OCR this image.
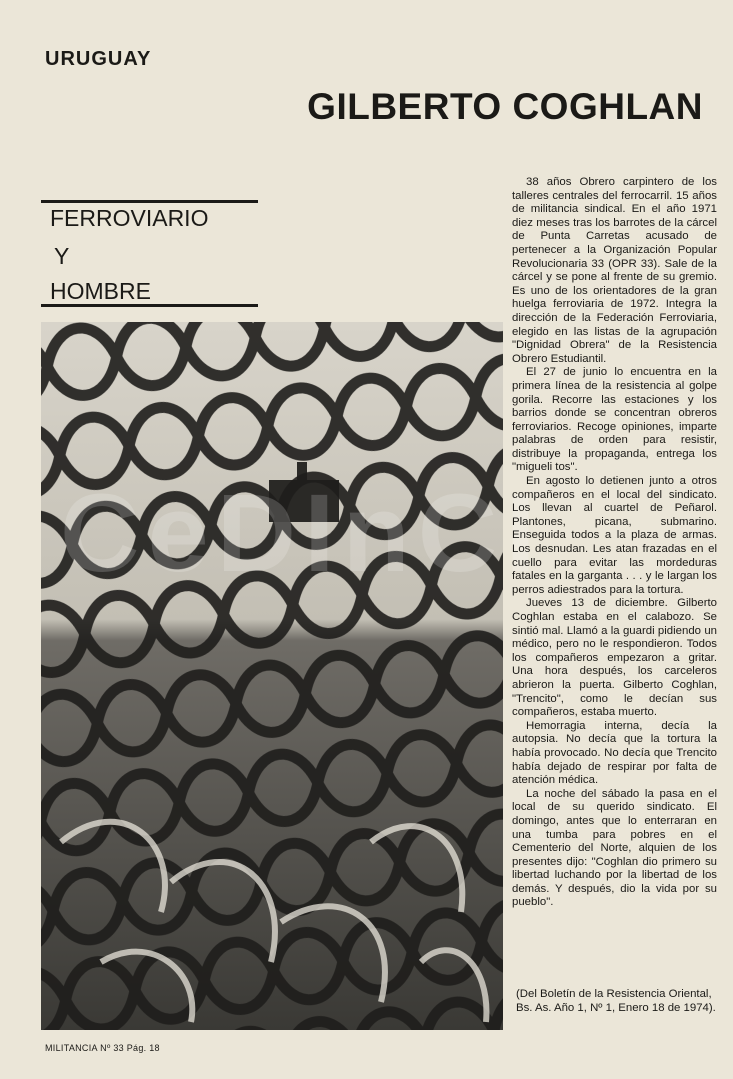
URUGUAY
GILBERTO COGHLAN
FERROVIARIO
Y
HOMBRE

38 años Obrero carpintero de los talleres centrales del ferrocarril. 15 años de militancia sindical. En el año 1971 diez meses tras los barrotes de la cárcel de Punta Carretas acusado de pertenecer a la Organización Popular Revolucionaria 33 (OPR 33). Sale de la cárcel y se pone al frente de su gremio. Es uno de los orientadores de la gran huelga ferroviaria de 1972. Integra la dirección de la Federación Ferroviaria, elegido en las listas de la agrupación "Dignidad Obrera" de la Resistencia Obrero Estudiantil.

El 27 de junio lo encuentra en la primera línea de la resistencia al golpe gorila. Recorre las estaciones y los barrios donde se concentran obreros ferroviarios. Recoge opiniones, imparte palabras de orden para resistir, distribuye la propaganda, entrega los "migueli tos".

En agosto lo detienen junto a otros compañeros en el local del sindicato. Los llevan al cuartel de Peñarol. Plantones, picana, submarino. Enseguida todos a la plaza de armas. Los desnudan. Les atan frazadas en el cuello para evitar las mordeduras fatales en la garganta . . . y le largan los perros adiestrados para la tortura.

Jueves 13 de diciembre. Gilberto Coghlan estaba en el calabozo. Se sintió mal. Llamó a la guardi pidiendo un médico, pero no le respondieron. Todos los compañeros empezaron a gritar. Una hora después, los carceleros abrieron la puerta. Gilberto Coghlan, "Trencito", como le decían sus compañeros, estaba muerto.

Hemorragia interna, decía la autopsia. No decía que la tortura la había provocado. No decía que Trencito había dejado de respirar por falta de atención médica.

La noche del sábado la pasa en el local de su querido sindicato. El domingo, antes que lo enterraran en una tumba para pobres en el Cementerio del Norte, alquien de los presentes dijo: "Coghlan dio primero su libertad luchando por la libertad de los demás. Y después, dio la vida por su pueblo".

(Del Boletín de la Resistencia Oriental, Bs. As. Año 1, Nº 1, Enero 18 de 1974).
MILITANCIA Nº 33 Pág. 18
